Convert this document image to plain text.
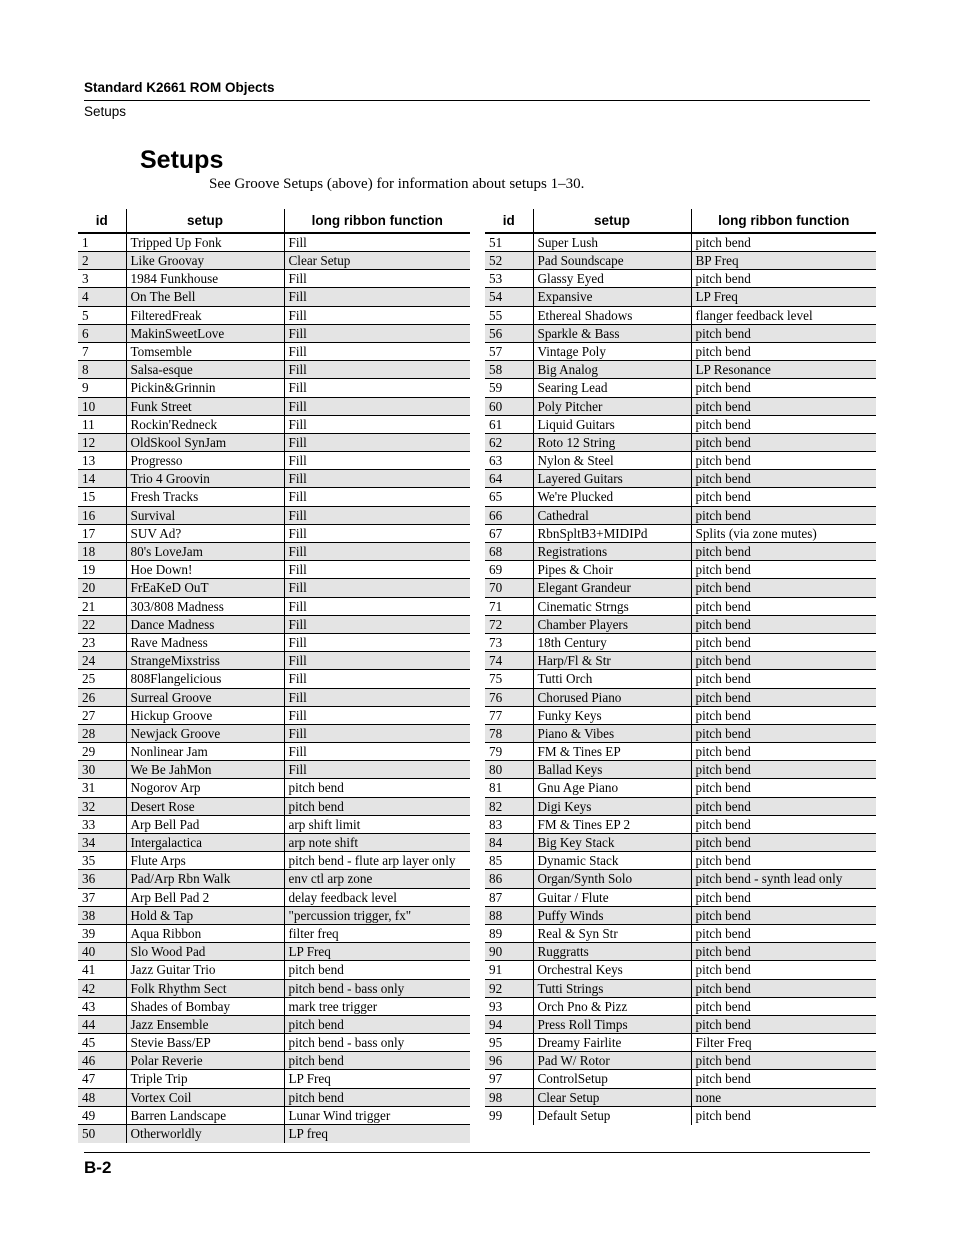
Standard K2661 ROM Objects
Setups
Setups

See Groove Setups (above) for information about setups 1–30.

id	setup	long ribbon function
1	Tripped Up Fonk	Fill
2	Like Groovay	Clear Setup
3	1984 Funkhouse	Fill
4	On The Bell	Fill
5	FilteredFreak	Fill
6	MakinSweetLove	Fill
7	Tomsemble	Fill
8	Salsa-esque	Fill
9	Pickin&Grinnin	Fill
10	Funk Street	Fill
11	Rockin'Redneck	Fill
12	OldSkool SynJam	Fill
13	Progresso	Fill
14	Trio 4 Groovin	Fill
15	Fresh Tracks	Fill
16	Survival	Fill
17	SUV Ad?	Fill
18	80's LoveJam	Fill
19	Hoe Down!	Fill
20	FrEaKeD OuT	Fill
21	303/808 Madness	Fill
22	Dance Madness	Fill
23	Rave Madness	Fill
24	StrangeMixstriss	Fill
25	808Flangelicious	Fill
26	Surreal Groove	Fill
27	Hickup Groove	Fill
28	Newjack Groove	Fill
29	Nonlinear Jam	Fill
30	We Be JahMon	Fill
31	Nogorov Arp	pitch bend
32	Desert Rose	pitch bend
33	Arp Bell Pad	arp shift limit
34	Intergalactica	arp note shift
35	Flute Arps	pitch bend - flute arp layer only
36	Pad/Arp Rbn Walk	env ctl arp zone
37	Arp Bell Pad 2	delay feedback level
38	Hold & Tap	"percussion trigger, fx"
39	Aqua Ribbon	filter freq
40	Slo Wood Pad	LP Freq
41	Jazz Guitar Trio	pitch bend
42	Folk Rhythm Sect	pitch bend - bass only
43	Shades of Bombay	mark tree trigger
44	Jazz Ensemble	pitch bend
45	Stevie Bass/EP	pitch bend - bass only
46	Polar Reverie	pitch bend
47	Triple Trip	LP Freq
48	Vortex Coil	pitch bend
49	Barren Landscape	Lunar Wind trigger
50	Otherworldly	LP freq
id	setup	long ribbon function
51	Super Lush	pitch bend
52	Pad Soundscape	BP Freq
53	Glassy Eyed	pitch bend
54	Expansive	LP Freq
55	Ethereal Shadows	flanger feedback level
56	Sparkle & Bass	pitch bend
57	Vintage Poly	pitch bend
58	Big Analog	LP Resonance
59	Searing Lead	pitch bend
60	Poly Pitcher	pitch bend
61	Liquid Guitars	pitch bend
62	Roto 12 String	pitch bend
63	Nylon & Steel	pitch bend
64	Layered Guitars	pitch bend
65	We're Plucked	pitch bend
66	Cathedral	pitch bend
67	RbnSpltB3+MIDIPd	Splits (via zone mutes)
68	Registrations	pitch bend
69	Pipes & Choir	pitch bend
70	Elegant Grandeur	pitch bend
71	Cinematic Strngs	pitch bend
72	Chamber Players	pitch bend
73	18th Century	pitch bend
74	Harp/Fl & Str	pitch bend
75	Tutti Orch	pitch bend
76	Chorused Piano	pitch bend
77	Funky Keys	pitch bend
78	Piano & Vibes	pitch bend
79	FM & Tines EP	pitch bend
80	Ballad Keys	pitch bend
81	Gnu Age Piano	pitch bend
82	Digi Keys	pitch bend
83	FM & Tines EP 2	pitch bend
84	Big Key Stack	pitch bend
85	Dynamic Stack	pitch bend
86	Organ/Synth Solo	pitch bend - synth lead only
87	Guitar / Flute	pitch bend
88	Puffy Winds	pitch bend
89	Real & Syn Str	pitch bend
90	Ruggratts	pitch bend
91	Orchestral Keys	pitch bend
92	Tutti Strings	pitch bend
93	Orch Pno & Pizz	pitch bend
94	Press Roll Timps	pitch bend
95	Dreamy Fairlite	Filter Freq
96	Pad W/ Rotor	pitch bend
97	ControlSetup	pitch bend
98	Clear Setup	none
99	Default Setup	pitch bend
B-2
